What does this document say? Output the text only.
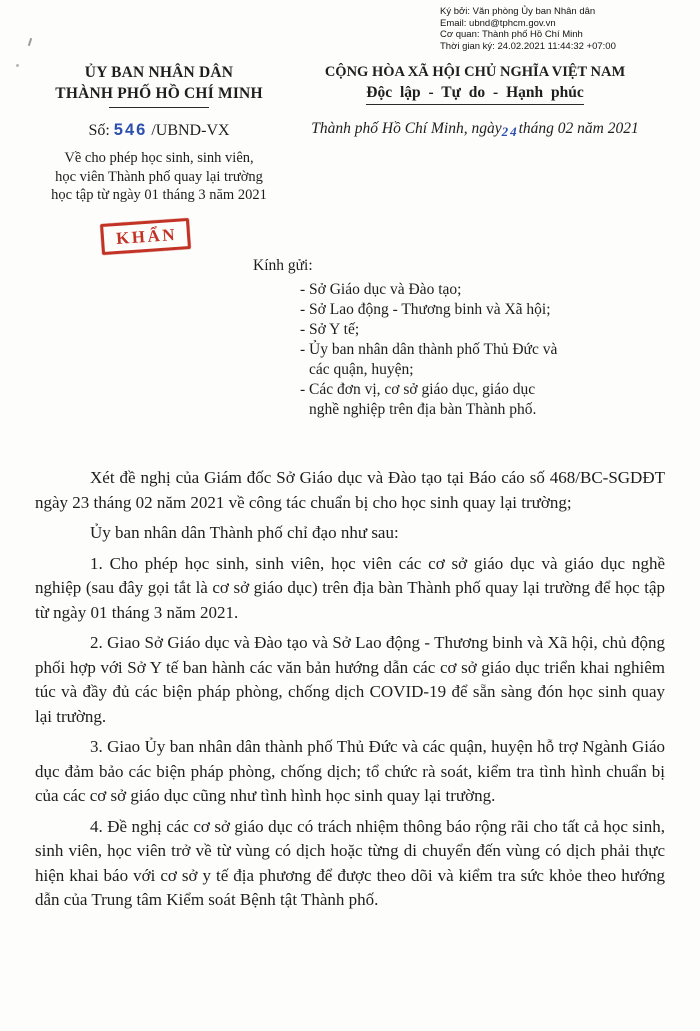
Ký bởi: Văn phòng Ủy ban Nhân dân
Email: ubnd@tphcm.gov.vn
Cơ quan: Thành phố Hồ Chí Minh
Thời gian ký: 24.02.2021 11:44:32 +07:00
ỦY BAN NHÂN DÂN
THÀNH PHỐ HỒ CHÍ MINH
Số: 546 /UBND-VX
Về cho phép học sinh, sinh viên,
học viên Thành phố quay lại trường
học tập từ ngày 01 tháng 3 năm 2021
CỘNG HÒA XÃ HỘI CHỦ NGHĨA VIỆT NAM
Độc lập - Tự do - Hạnh phúc
Thành phố Hồ Chí Minh, ngày24tháng 02 năm 2021
KHẨN
Kính gửi:
- Sở Giáo dục và Đào tạo;
- Sở Lao động - Thương binh và Xã hội;
- Sở Y tế;
- Ủy ban nhân dân thành phố Thủ Đức và
các quận, huyện;
- Các đơn vị, cơ sở giáo dục, giáo dục
nghề nghiệp trên địa bàn Thành phố.
Xét đề nghị của Giám đốc Sở Giáo dục và Đào tạo tại Báo cáo số 468/BC-SGDĐT ngày 23 tháng 02 năm 2021 về công tác chuẩn bị cho học sinh quay lại trường;
Ủy ban nhân dân Thành phố chỉ đạo như sau:
1. Cho phép học sinh, sinh viên, học viên các cơ sở giáo dục và giáo dục nghề nghiệp (sau đây gọi tắt là cơ sở giáo dục) trên địa bàn Thành phố quay lại trường để học tập từ ngày 01 tháng 3 năm 2021.
2. Giao Sở Giáo dục và Đào tạo và Sở Lao động - Thương binh và Xã hội, chủ động phối hợp với Sở Y tế ban hành các văn bản hướng dẫn các cơ sở giáo dục triển khai nghiêm túc và đầy đủ các biện pháp phòng, chống dịch COVID-19 để sẵn sàng đón học sinh quay lại trường.
3. Giao Ủy ban nhân dân thành phố Thủ Đức và các quận, huyện hỗ trợ Ngành Giáo dục đảm bảo các biện pháp phòng, chống dịch; tổ chức rà soát, kiểm tra tình hình chuẩn bị của các cơ sở giáo dục cũng như tình hình học sinh quay lại trường.
4. Đề nghị các cơ sở giáo dục có trách nhiệm thông báo rộng rãi cho tất cả học sinh, sinh viên, học viên trở về từ vùng có dịch hoặc từng di chuyển đến vùng có dịch phải thực hiện khai báo với cơ sở y tế địa phương để được theo dõi và kiểm tra sức khỏe theo hướng dẫn của Trung tâm Kiểm soát Bệnh tật Thành phố.
